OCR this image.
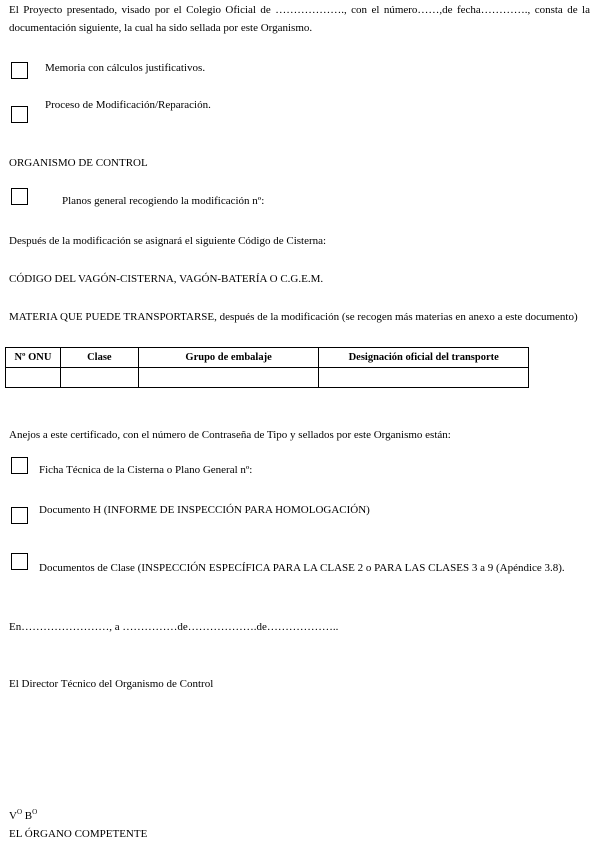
El Proyecto presentado, visado por el Colegio Oficial de ………………., con el número……,de fecha…………., consta de la
documentación siguiente, la cual ha sido sellada por este Organismo.
Memoria con cálculos justificativos.
Proceso de Modificación/Reparación.
ORGANISMO DE CONTROL
Planos general recogiendo la modificación nº:
Después de la modificación se asignará el siguiente Código de Cisterna:
CÓDIGO DEL VAGÓN-CISTERNA, VAGÓN-BATERÍA O C.G.E.M.
MATERIA QUE PUEDE TRANSPORTARSE, después de la modificación (se recogen más materias en anexo a este documento)
Nº ONU	Clase	Grupo de embalaje	Designación oficial del transporte

Anejos a este certificado, con el número de Contraseña de Tipo y sellados por este Organismo están:
Ficha Técnica de la Cisterna o Plano General nº:
Documento H (INFORME DE INSPECCIÓN PARA HOMOLOGACIÓN)
Documentos de Clase (INSPECCIÓN ESPECÍFICA PARA LA CLASE 2 o PARA LAS CLASES 3 a 9 (Apéndice 3.8).
En……………………, a ……………de……………….de………………..
El Director Técnico del Organismo de Control
$V^O$ $B^O$
EL ÓRGANO COMPETENTE
